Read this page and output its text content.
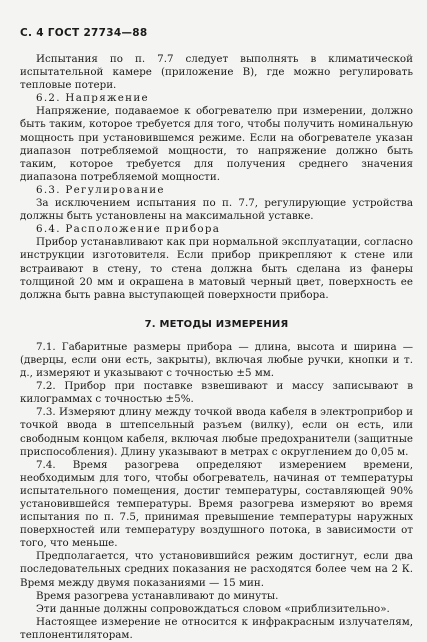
С. 4 ГОСТ 27734—88

Испытания по п. 7.7 следует выполнять в климатической испытательной камере (приложение В), где можно регулировать тепловые потери.

6.2. Напряжение

Напряжение, подаваемое к обогревателю при измерении, должно быть таким, которое требуется для того, чтобы получить номинальную мощность при установившемся режиме. Если на обогревателе указан диапазон потребляемой мощности, то напряжение должно быть таким, которое требуется для получения среднего значения диапазона потребляемой мощности.

6.3. Регулирование

За исключением испытания по п. 7.7, регулирующие устройства должны быть установлены на максимальной уставке.

6.4. Расположение прибора

Прибор устанавливают как при нормальной эксплуатации, согласно инструкции изготовителя. Если прибор прикрепляют к стене или встраивают в стену, то стена должна быть сделана из фанеры толщиной 20 мм и окрашена в матовый черный цвет, поверхность ее должна быть равна выступающей поверхности прибора.

7. МЕТОДЫ ИЗМЕРЕНИЯ

7.1. Габаритные размеры прибора — длина, высота и ширина — (дверцы, если они есть, закрыты), включая любые ручки, кнопки и т. д., измеряют и указывают с точностью ±5 мм.

7.2. Прибор при поставке взвешивают и массу записывают в килограммах с точностью ±5%.

7.3. Измеряют длину между точкой ввода кабеля в электроприбор и точкой ввода в штепсельный разъем (вилку), если он есть, или свободным концом кабеля, включая любые предохранители (защитные приспособления). Длину указывают в метрах с округлением до 0,05 м.

7.4. Время разогрева определяют измерением времени, необходимым для того, чтобы обогреватель, начиная от температуры испытательного помещения, достиг температуры, составляющей 90% установившейся температуры. Время разогрева измеряют во время испытания по п. 7.5, принимая превышение температуры наружных поверхностей или температуру воздушного потока, в зависимости от того, что меньше.

Предполагается, что установившийся режим достигнут, если два последовательных средних показания не расходятся более чем на 2 К. Время между двумя показаниями — 15 мин.

Время разогрева устанавливают до минуты.

Эти данные должны сопровождаться словом «приблизительно».

Настоящее измерение не относится к инфракрасным излучателям, теплонентиляторам.
